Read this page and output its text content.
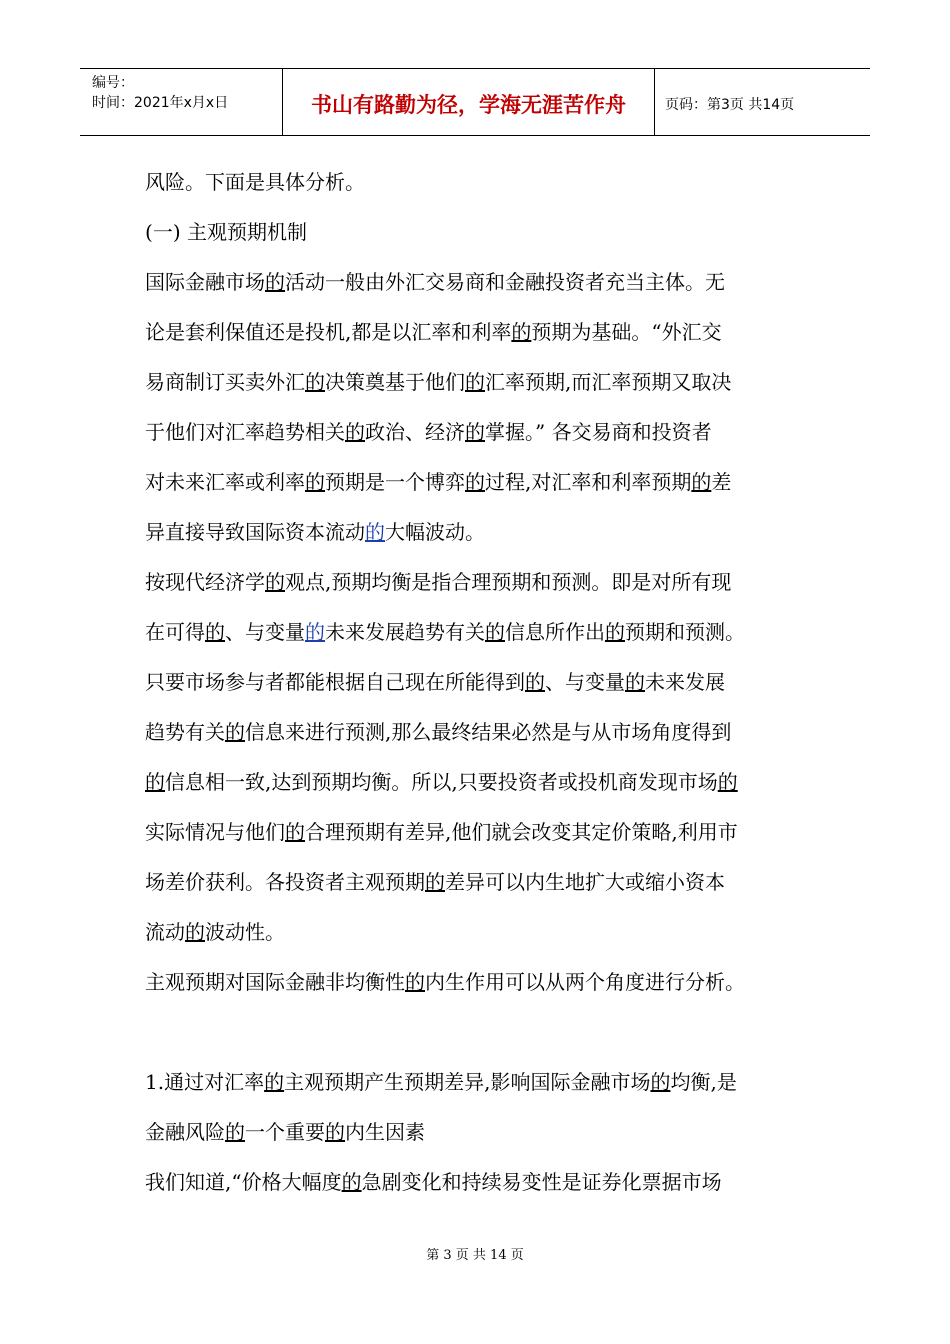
编号：
时间：2021年x月x日	书山有路勤为径，学海无涯苦作舟	页码：第3页 共14页

风险。下面是具体分析。

(一) 主观预期机制

国际金融市场的活动一般由外汇交易商和金融投资者充当主体。无

论是套利保值还是投机,都是以汇率和利率的预期为基础。“外汇交

易商制订买卖外汇的决策奠基于他们的汇率预期,而汇率预期又取决

于他们对汇率趋势相关的政治、经济的掌握。” 各交易商和投资者

对未来汇率或利率的预期是一个博弈的过程,对汇率和利率预期的差

异直接导致国际资本流动的大幅波动。

按现代经济学的观点,预期均衡是指合理预期和预测。即是对所有现

在可得的、与变量的未来发展趋势有关的信息所作出的预期和预测。

只要市场参与者都能根据自己现在所能得到的、与变量的未来发展

趋势有关的信息来进行预测,那么最终结果必然是与从市场角度得到

的信息相一致,达到预期均衡。所以,只要投资者或投机商发现市场的

实际情况与他们的合理预期有差异,他们就会改变其定价策略,利用市

场差价获利。各投资者主观预期的差异可以内生地扩大或缩小资本

流动的波动性。

主观预期对国际金融非均衡性的内生作用可以从两个角度进行分析。

1.通过对汇率的主观预期产生预期差异,影响国际金融市场的均衡,是

金融风险的一个重要的内生因素

我们知道,“价格大幅度的急剧变化和持续易变性是证券化票据市场

第 3 页 共 14 页
